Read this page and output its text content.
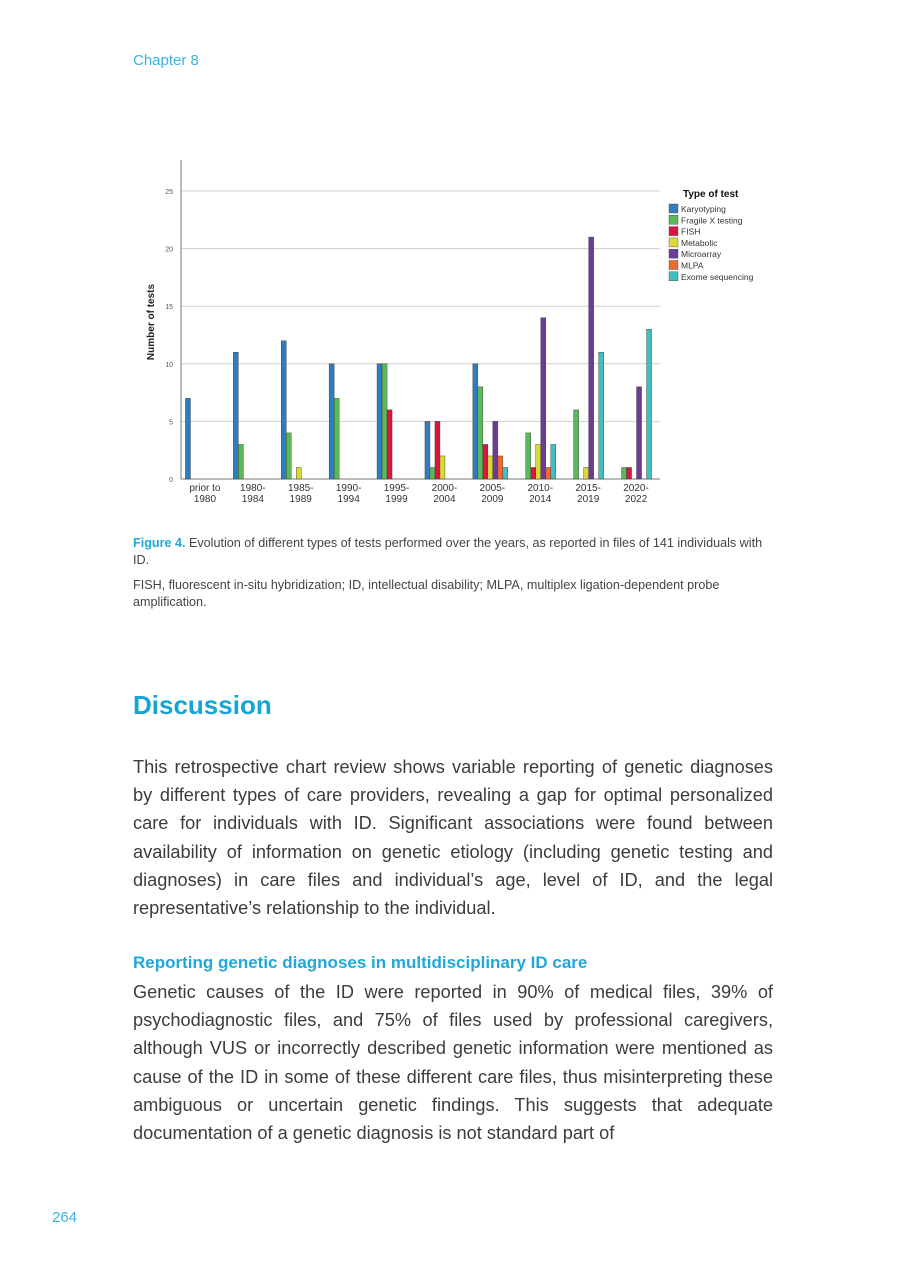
Chapter 8
0
5
10
15
20
25
Number of tests
prior to
1980
1980-
1984
1985-
1989
1990-
1994
1995-
1999
2000-
2004
2005-
2009
2010-
2014
2015-
2019
2020-
2022
Type of test
Karyotyping
Fragile X testing
FISH
Metabolic
Microarray
MLPA
Exome sequencing

Figure 4. Evolution of different types of tests performed over the years, as reported in files of 141 individuals with ID.

FISH, fluorescent in-situ hybridization; ID, intellectual disability; MLPA, multiplex ligation-dependent probe amplification.

Discussion

This retrospective chart review shows variable reporting of genetic diagnoses by different types of care providers, revealing a gap for optimal personalized care for individuals with ID. Significant associations were found between availability of information on genetic etiology (including genetic testing and diagnoses) in care files and individual’s age, level of ID, and the legal representative’s relationship to the individual.

Reporting genetic diagnoses in multidisciplinary ID care

Genetic causes of the ID were reported in 90% of medical files, 39% of psychodiagnostic files, and 75% of files used by professional caregivers, although VUS or incorrectly described genetic information were mentioned as cause of the ID in some of these different care files, thus misinterpreting these ambiguous or uncertain genetic findings. This suggests that adequate documentation of a genetic diagnosis is not standard part of

264
